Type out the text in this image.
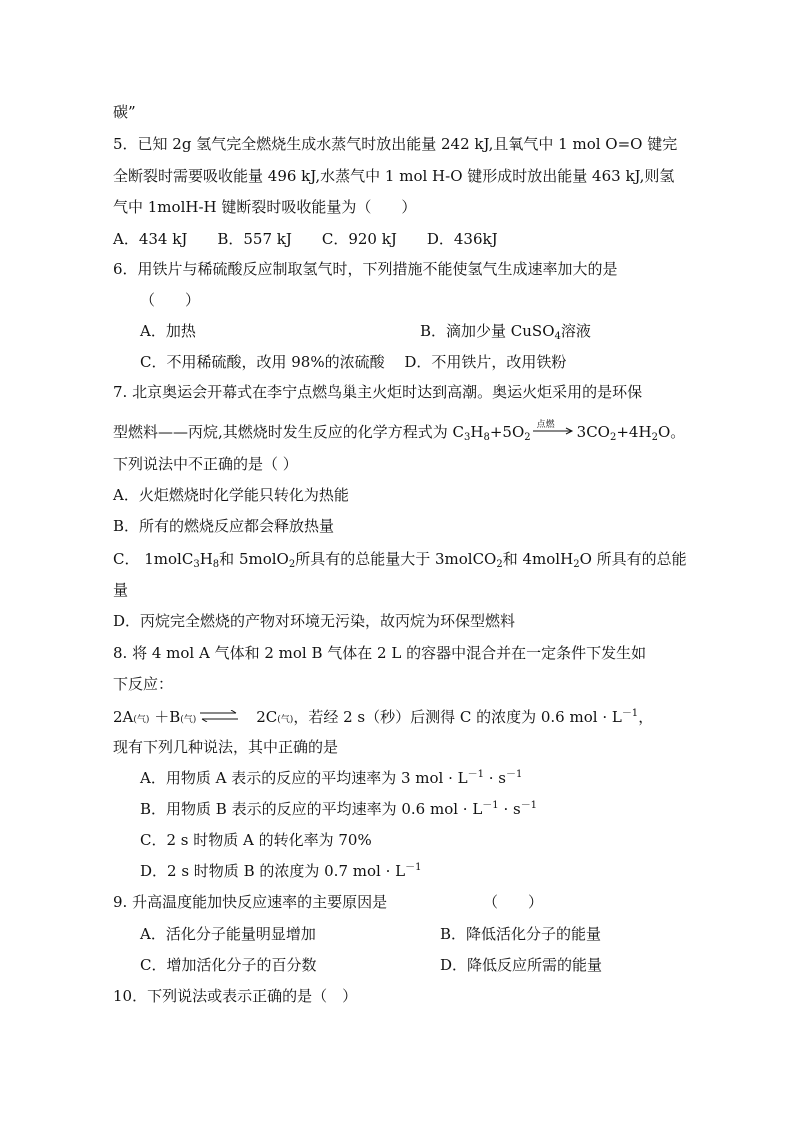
碳”
5．已知 2g 氢气完全燃烧生成水蒸气时放出能量 242 kJ,且氧气中 1 mol O=O 键完
全断裂时需要吸收能量 496 kJ,水蒸气中 1 mol H-O 键形成时放出能量 463 kJ,则氢
气中 1molH-H 键断裂时吸收能量为（　　）
A．434 kJ　　B．557 kJ　　C．920 kJ　　D．436kJ
6．用铁片与稀硫酸反应制取氢气时，下列措施不能使氢气生成速率加大的是
（　　）
A．加热	B．滴加少量 CuSO$_4$溶液
C．不用稀硫酸，改用 98%的浓硫酸　 D．不用铁片，改用铁粉
7. 北京奥运会开幕式在李宁点燃鸟巢主火炬时达到高潮。奥运火炬采用的是环保
型燃料——丙烷,其燃烧时发生反应的化学方程式为 $C_3H_8+5O_2$
点燃 $3CO_2+4H_2O$。
下列说法中不正确的是（ ）
A．火炬燃烧时化学能只转化为热能
B．所有的燃烧反应都会释放热量
C． $1molC_3H_8$和 5molO$_2$所具有的总能量大于 3molCO$_2$和 4molH$_2$O 所具有的总能
量
D．丙烷完全燃烧的产物对环境无污染，故丙烷为环保型燃料
8. 将 4 mol A 气体和 2 mol B 气体在 2 L 的容器中混合并在一定条件下发生如
下反应：
2A(气) ＋B(气) ⇌ 2C(气)，若经 2 s（秒）后测得 C 的浓度为 0.6 mol · $L^{-1}$，
现有下列几种说法，其中正确的是
A．用物质 A 表示的反应的平均速率为 3 mol · $L^{-1} \cdot s^{-1}$
B．用物质 B 表示的反应的平均速率为 0.6 mol · $L^{-1} \cdot s^{-1}$
C．2 s 时物质 A 的转化率为 70%
D．2 s 时物质 B 的浓度为 0.7 mol · $L^{-1}$
9. 升高温度能加快反应速率的主要原因是	（　　）
A．活化分子能量明显增加	B．降低活化分子的能量
C．增加活化分子的百分数	D．降低反应所需的能量
10．下列说法或表示正确的是（　）
